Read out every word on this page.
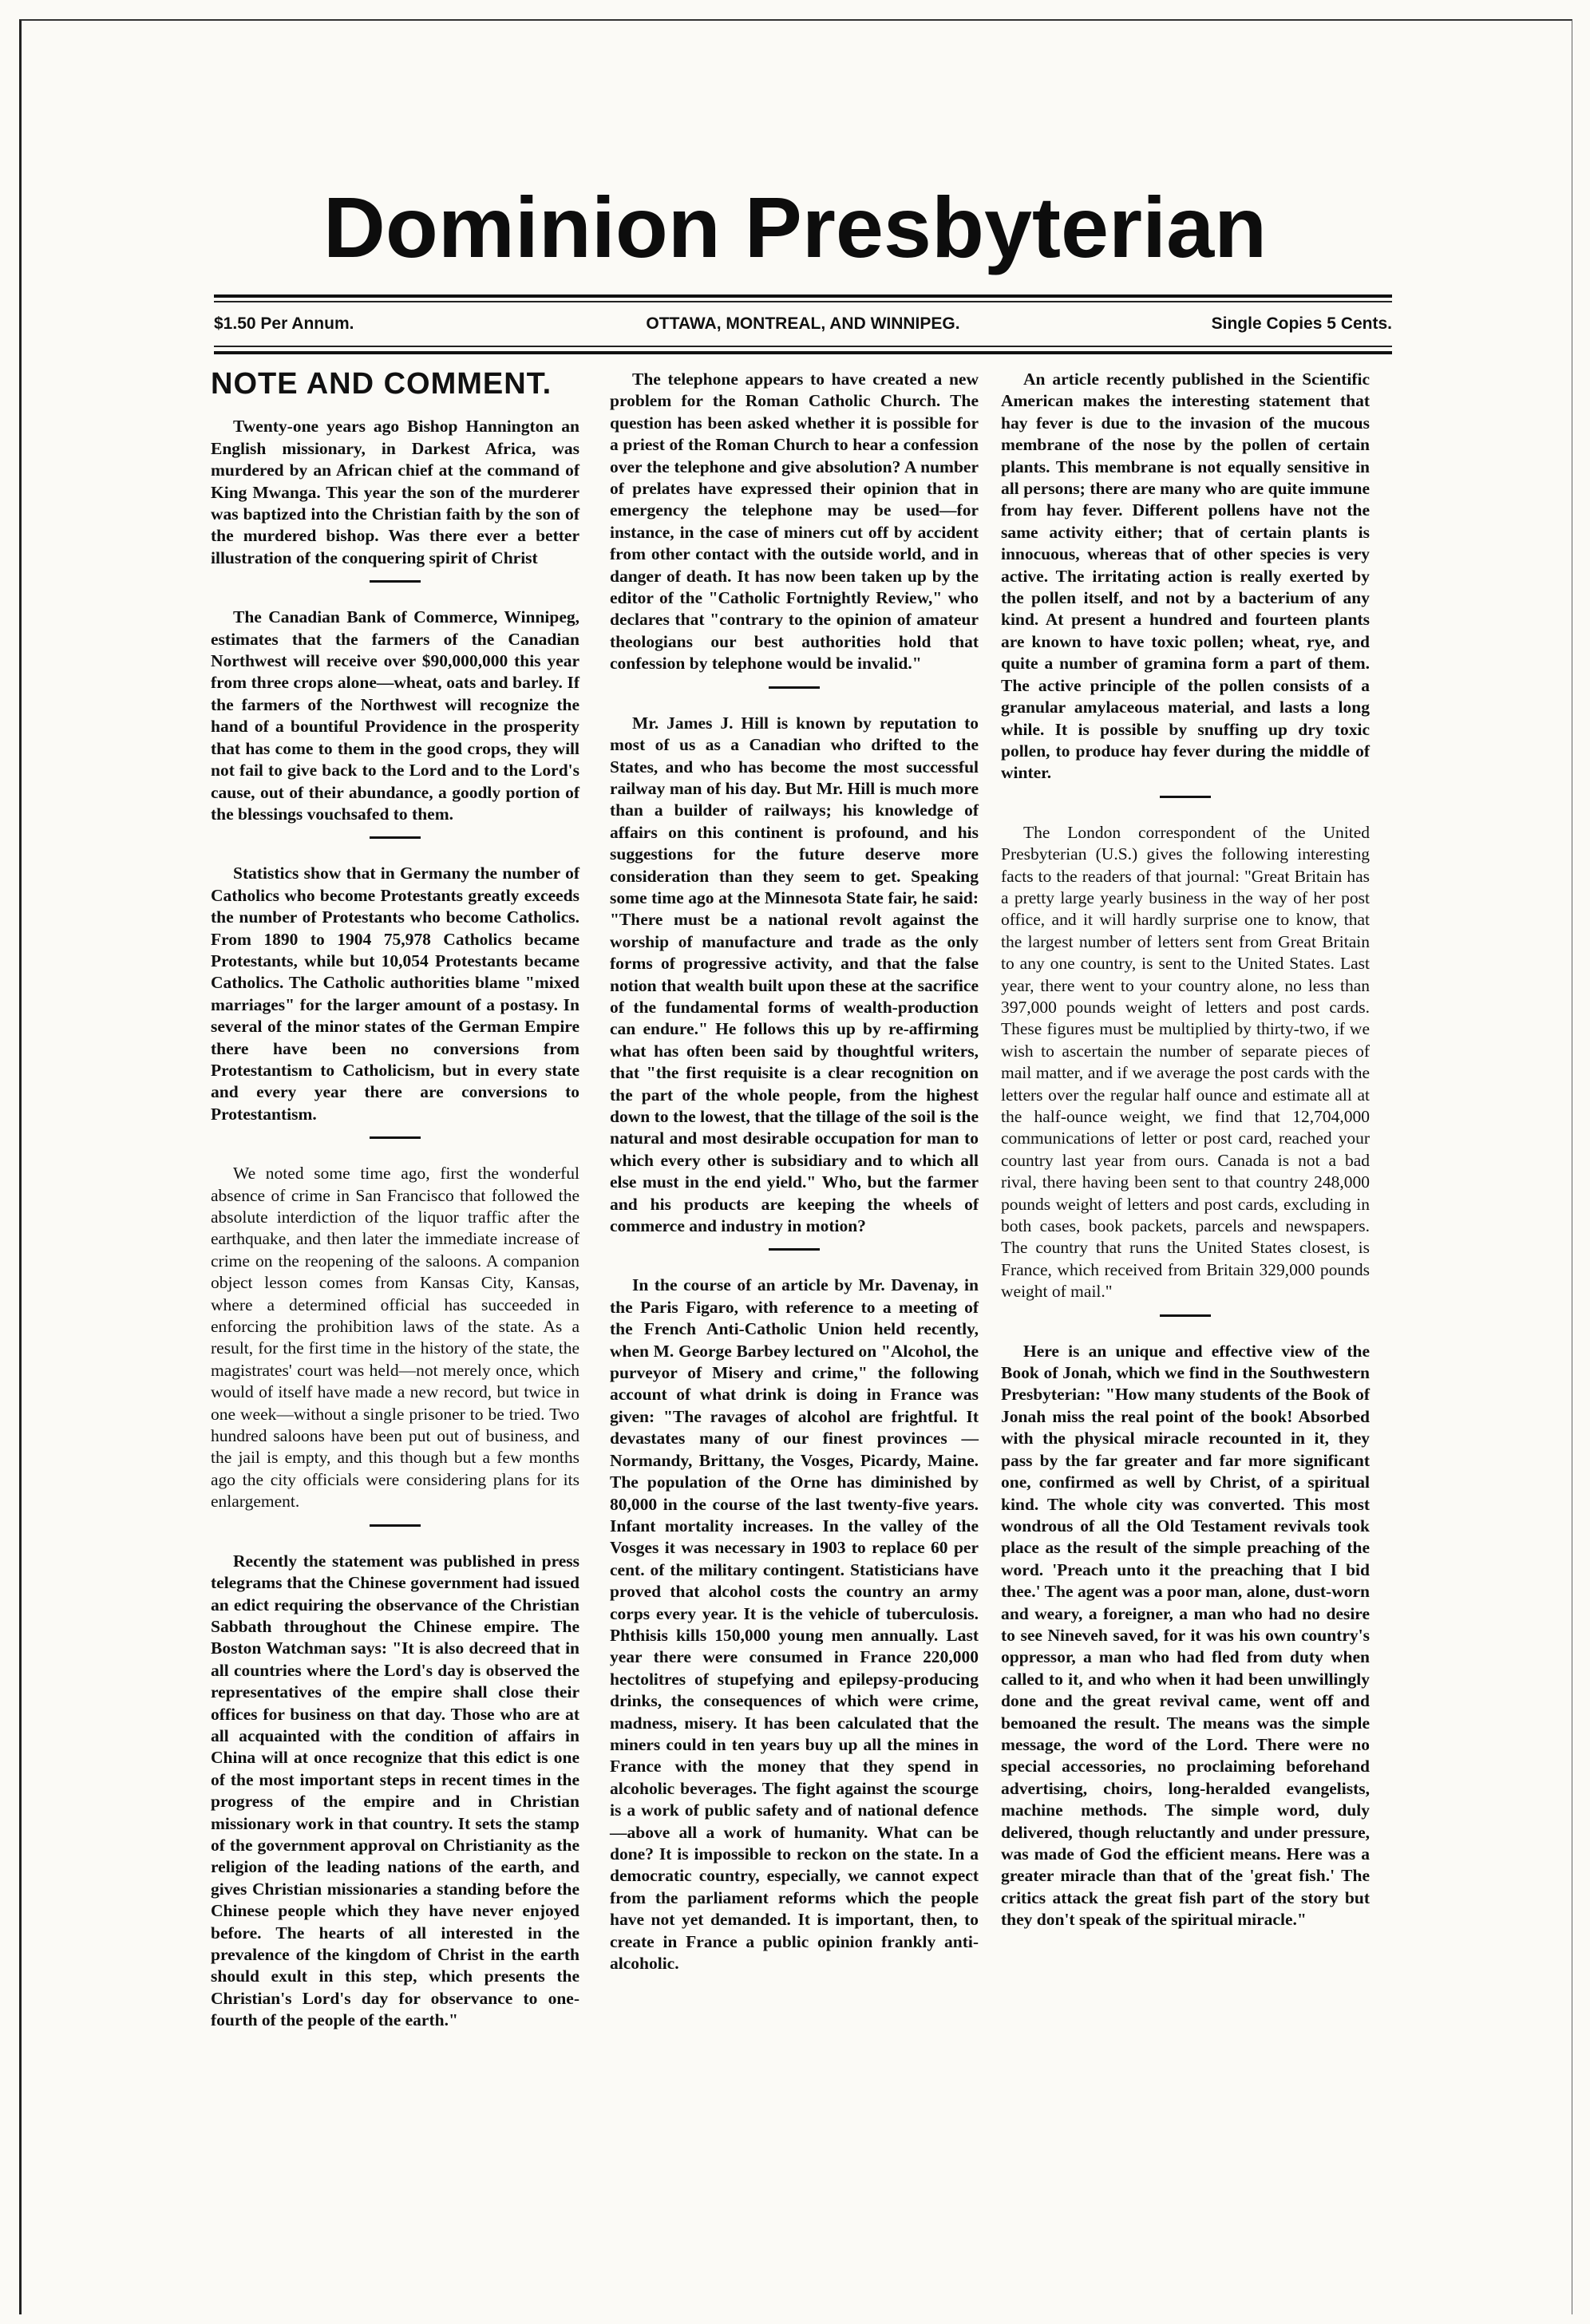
Dominion Presbyterian
$1.50 Per Annum.	OTTAWA, MONTREAL, AND WINNIPEG.	Single Copies 5 Cents.
NOTE AND COMMENT.

Twenty-one years ago Bishop Hannington an English missionary, in Darkest Africa, was murdered by an African chief at the command of King Mwanga. This year the son of the murderer was baptized into the Christian faith by the son of the murdered bishop. Was there ever a better illustration of the conquering spirit of Christ

The Canadian Bank of Commerce, Winnipeg, estimates that the farmers of the Canadian Northwest will receive over $90,000,000 this year from three crops alone—wheat, oats and barley. If the farmers of the Northwest will recognize the hand of a bountiful Providence in the prosperity that has come to them in the good crops, they will not fail to give back to the Lord and to the Lord's cause, out of their abundance, a goodly portion of the blessings vouchsafed to them.

Statistics show that in Germany the number of Catholics who become Protestants greatly exceeds the number of Protestants who become Catholics. From 1890 to 1904 75,978 Catholics became Protestants, while but 10,054 Protestants became Catholics. The Catholic authorities blame "mixed marriages" for the larger amount of a postasy. In several of the minor states of the German Empire there have been no conversions from Protestantism to Catholicism, but in every state and every year there are conversions to Protestantism.

We noted some time ago, first the wonderful absence of crime in San Francisco that followed the absolute interdiction of the liquor traffic after the earthquake, and then later the immediate increase of crime on the reopening of the saloons. A companion object lesson comes from Kansas City, Kansas, where a determined official has succeeded in enforcing the prohibition laws of the state. As a result, for the first time in the history of the state, the magistrates' court was held—not merely once, which would of itself have made a new record, but twice in one week—without a single prisoner to be tried. Two hundred saloons have been put out of business, and the jail is empty, and this though but a few months ago the city officials were considering plans for its enlargement.

Recently the statement was published in press telegrams that the Chinese government had issued an edict requiring the observance of the Christian Sabbath throughout the Chinese empire. The Boston Watchman says: "It is also decreed that in all countries where the Lord's day is observed the representatives of the empire shall close their offices for business on that day. Those who are at all acquainted with the condition of affairs in China will at once recognize that this edict is one of the most important steps in recent times in the progress of the empire and in Christian missionary work in that country. It sets the stamp of the government approval on Christianity as the religion of the leading nations of the earth, and gives Christian missionaries a standing before the Chinese people which they have never enjoyed before. The hearts of all interested in the prevalence of the kingdom of Christ in the earth should exult in this step, which presents the Christian's Lord's day for observance to one-fourth of the people of the earth."

The telephone appears to have created a new problem for the Roman Catholic Church. The question has been asked whether it is possible for a priest of the Roman Church to hear a confession over the telephone and give absolution? A number of prelates have expressed their opinion that in emergency the telephone may be used—for instance, in the case of miners cut off by accident from other contact with the outside world, and in danger of death. It has now been taken up by the editor of the "Catholic Fortnightly Review," who declares that "contrary to the opinion of amateur theologians our best authorities hold that confession by telephone would be invalid."

Mr. James J. Hill is known by reputation to most of us as a Canadian who drifted to the States, and who has become the most successful railway man of his day. But Mr. Hill is much more than a builder of railways; his knowledge of affairs on this continent is profound, and his suggestions for the future deserve more consideration than they seem to get. Speaking some time ago at the Minnesota State fair, he said: "There must be a national revolt against the worship of manufacture and trade as the only forms of progressive activity, and that the false notion that wealth built upon these at the sacrifice of the fundamental forms of wealth-production can endure." He follows this up by re-affirming what has often been said by thoughtful writers, that "the first requisite is a clear recognition on the part of the whole people, from the highest down to the lowest, that the tillage of the soil is the natural and most desirable occupation for man to which every other is subsidiary and to which all else must in the end yield." Who, but the farmer and his products are keeping the wheels of commerce and industry in motion?

In the course of an article by Mr. Davenay, in the Paris Figaro, with reference to a meeting of the French Anti-Catholic Union held recently, when M. George Barbey lectured on "Alcohol, the purveyor of Misery and crime," the following account of what drink is doing in France was given: "The ravages of alcohol are frightful. It devastates many of our finest provinces — Normandy, Brittany, the Vosges, Picardy, Maine. The population of the Orne has diminished by 80,000 in the course of the last twenty-five years. Infant mortality increases. In the valley of the Vosges it was necessary in 1903 to replace 60 per cent. of the military contingent. Statisticians have proved that alcohol costs the country an army corps every year. It is the vehicle of tuberculosis. Phthisis kills 150,000 young men annually. Last year there were consumed in France 220,000 hectolitres of stupefying and epilepsy-producing drinks, the consequences of which were crime, madness, misery. It has been calculated that the miners could in ten years buy up all the mines in France with the money that they spend in alcoholic beverages. The fight against the scourge is a work of public safety and of national defence—above all a work of humanity. What can be done? It is impossible to reckon on the state. In a democratic country, especially, we cannot expect from the parliament reforms which the people have not yet demanded. It is important, then, to create in France a public opinion frankly anti-alcoholic.

An article recently published in the Scientific American makes the interesting statement that hay fever is due to the invasion of the mucous membrane of the nose by the pollen of certain plants. This membrane is not equally sensitive in all persons; there are many who are quite immune from hay fever. Different pollens have not the same activity either; that of certain plants is innocuous, whereas that of other species is very active. The irritating action is really exerted by the pollen itself, and not by a bacterium of any kind. At present a hundred and fourteen plants are known to have toxic pollen; wheat, rye, and quite a number of gramina form a part of them. The active principle of the pollen consists of a granular amylaceous material, and lasts a long while. It is possible by snuffing up dry toxic pollen, to produce hay fever during the middle of winter.

The London correspondent of the United Presbyterian (U.S.) gives the following interesting facts to the readers of that journal: "Great Britain has a pretty large yearly business in the way of her post office, and it will hardly surprise one to know, that the largest number of letters sent from Great Britain to any one country, is sent to the United States. Last year, there went to your country alone, no less than 397,000 pounds weight of letters and post cards. These figures must be multiplied by thirty-two, if we wish to ascertain the number of separate pieces of mail matter, and if we average the post cards with the letters over the regular half ounce and estimate all at the half-ounce weight, we find that 12,704,000 communications of letter or post card, reached your country last year from ours. Canada is not a bad rival, there having been sent to that country 248,000 pounds weight of letters and post cards, excluding in both cases, book packets, parcels and newspapers. The country that runs the United States closest, is France, which received from Britain 329,000 pounds weight of mail."

Here is an unique and effective view of the Book of Jonah, which we find in the Southwestern Presbyterian: "How many students of the Book of Jonah miss the real point of the book! Absorbed with the physical miracle recounted in it, they pass by the far greater and far more significant one, confirmed as well by Christ, of a spiritual kind. The whole city was converted. This most wondrous of all the Old Testament revivals took place as the result of the simple preaching of the word. 'Preach unto it the preaching that I bid thee.' The agent was a poor man, alone, dust-worn and weary, a foreigner, a man who had no desire to see Nineveh saved, for it was his own country's oppressor, a man who had fled from duty when called to it, and who when it had been unwillingly done and the great revival came, went off and bemoaned the result. The means was the simple message, the word of the Lord. There were no special accessories, no proclaiming beforehand advertising, choirs, long-heralded evangelists, machine methods. The simple word, duly delivered, though reluctantly and under pressure, was made of God the efficient means. Here was a greater miracle than that of the 'great fish.' The critics attack the great fish part of the story but they don't speak of the spiritual miracle."
